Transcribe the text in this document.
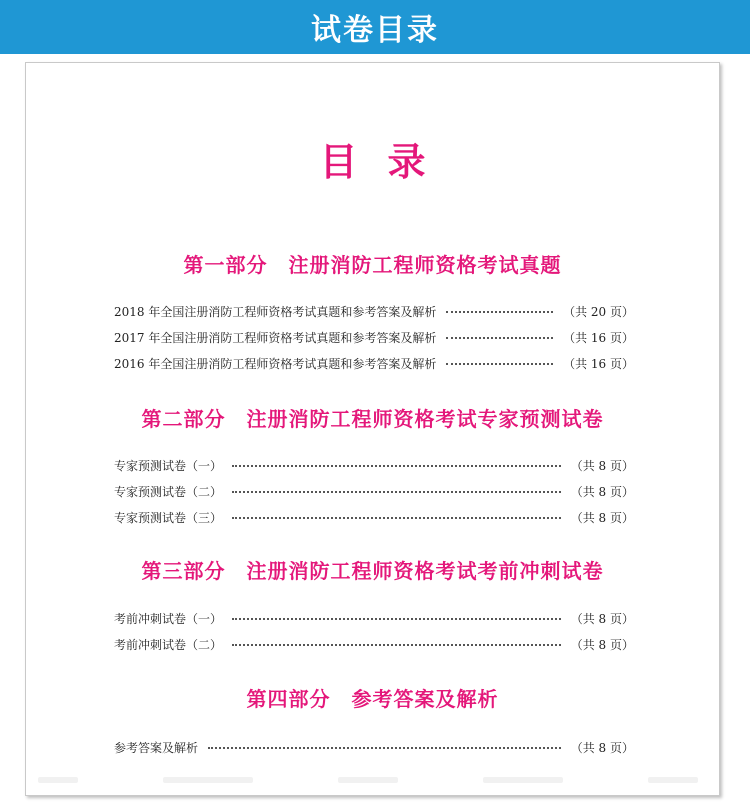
试卷目录
目录
第一部分　注册消防工程师资格考试真题
2018 年全国注册消防工程师资格考试真题和参考答案及解析	（共 20 页）
2017 年全国注册消防工程师资格考试真题和参考答案及解析	（共 16 页）
2016 年全国注册消防工程师资格考试真题和参考答案及解析	（共 16 页）
第二部分　注册消防工程师资格考试专家预测试卷
专家预测试卷（一）	（共 8 页）
专家预测试卷（二）	（共 8 页）
专家预测试卷（三）	（共 8 页）
第三部分　注册消防工程师资格考试考前冲刺试卷
考前冲刺试卷（一）	（共 8 页）
考前冲刺试卷（二）	（共 8 页）
第四部分　参考答案及解析
参考答案及解析	（共 8 页）
